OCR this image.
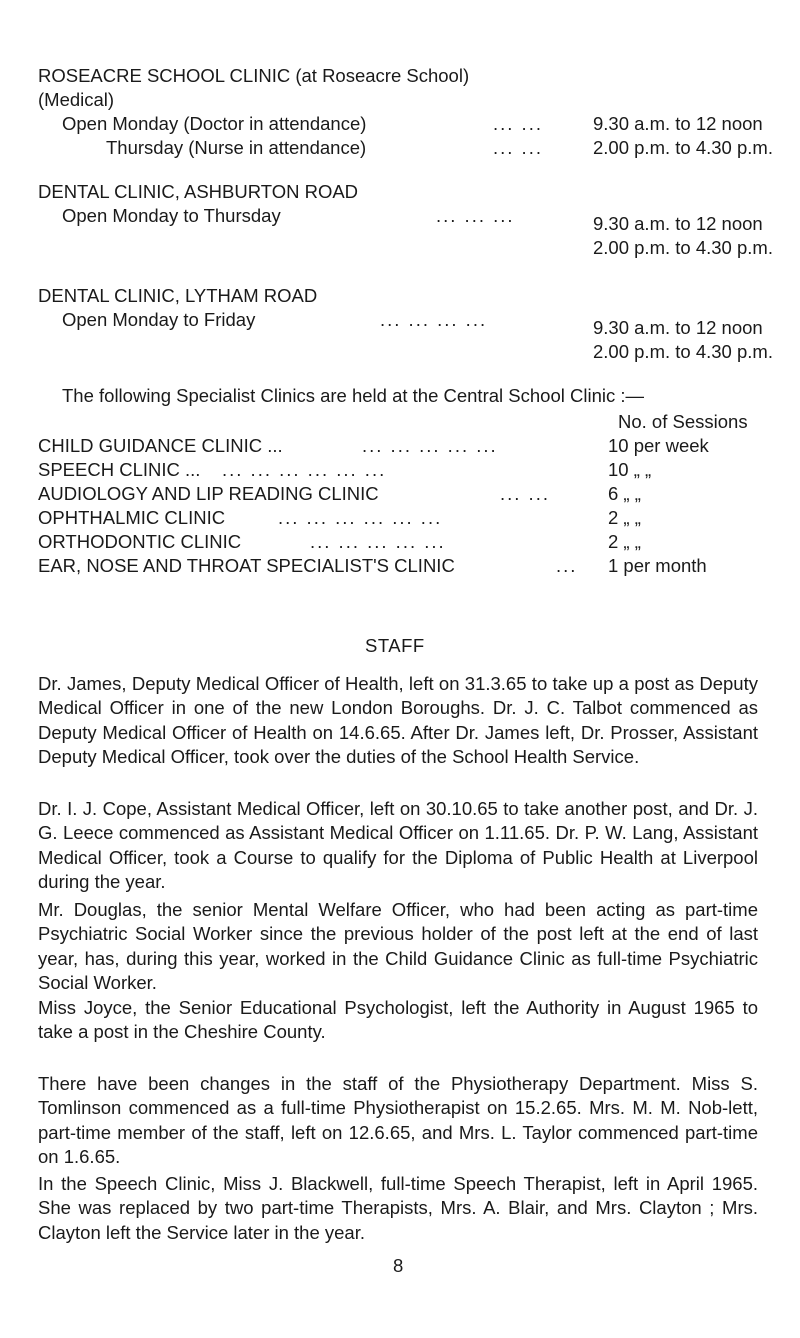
ROSEACRE SCHOOL CLINIC (at Roseacre School)
(Medical)
Open Monday (Doctor in attendance)	... ...	9.30 a.m. to 12 noon
Thursday (Nurse in attendance)	... ...	2.00 p.m. to 4.30 p.m.
DENTAL CLINIC, ASHBURTON ROAD
Open Monday to Thursday	... ... ...	9.30 a.m. to 12 noon
2.00 p.m. to 4.30 p.m.
DENTAL CLINIC, LYTHAM ROAD
Open Monday to Friday	... ... ... ...	9.30 a.m. to 12 noon
2.00 p.m. to 4.30 p.m.
The following Specialist Clinics are held at the Central School Clinic :—
No. of Sessions
CHILD GUIDANCE CLINIC ...	... ... ... ... ...	10 per week
SPEECH CLINIC ... ... ... ... ... ... ...	10 „ „
AUDIOLOGY AND LIP READING CLINIC	... ...	6 „ „
OPHTHALMIC CLINIC	... ... ... ... ... ...	2 „ „
ORTHODONTIC CLINIC	... ... ... ... ...	2 „ „
EAR, NOSE AND THROAT SPECIALIST'S CLINIC	... 1 per month
STAFF
Dr. James, Deputy Medical Officer of Health, left on 31.3.65 to take up a post as Deputy Medical Officer in one of the new London Boroughs. Dr. J. C. Talbot commenced as Deputy Medical Officer of Health on 14.6.65. After Dr. James left, Dr. Prosser, Assistant Deputy Medical Officer, took over the duties of the School Health Service.
Dr. I. J. Cope, Assistant Medical Officer, left on 30.10.65 to take another post, and Dr. J. G. Leece commenced as Assistant Medical Officer on 1.11.65. Dr. P. W. Lang, Assistant Medical Officer, took a Course to qualify for the Diploma of Public Health at Liverpool during the year.
Mr. Douglas, the senior Mental Welfare Officer, who had been acting as part-time Psychiatric Social Worker since the previous holder of the post left at the end of last year, has, during this year, worked in the Child Guidance Clinic as full-time Psychiatric Social Worker.
Miss Joyce, the Senior Educational Psychologist, left the Authority in August 1965 to take a post in the Cheshire County.
There have been changes in the staff of the Physiotherapy Department. Miss S. Tomlinson commenced as a full-time Physiotherapist on 15.2.65. Mrs. M. M. Nob-lett, part-time member of the staff, left on 12.6.65, and Mrs. L. Taylor commenced part-time on 1.6.65.
In the Speech Clinic, Miss J. Blackwell, full-time Speech Therapist, left in April 1965. She was replaced by two part-time Therapists, Mrs. A. Blair, and Mrs. Clayton ; Mrs. Clayton left the Service later in the year.
8
